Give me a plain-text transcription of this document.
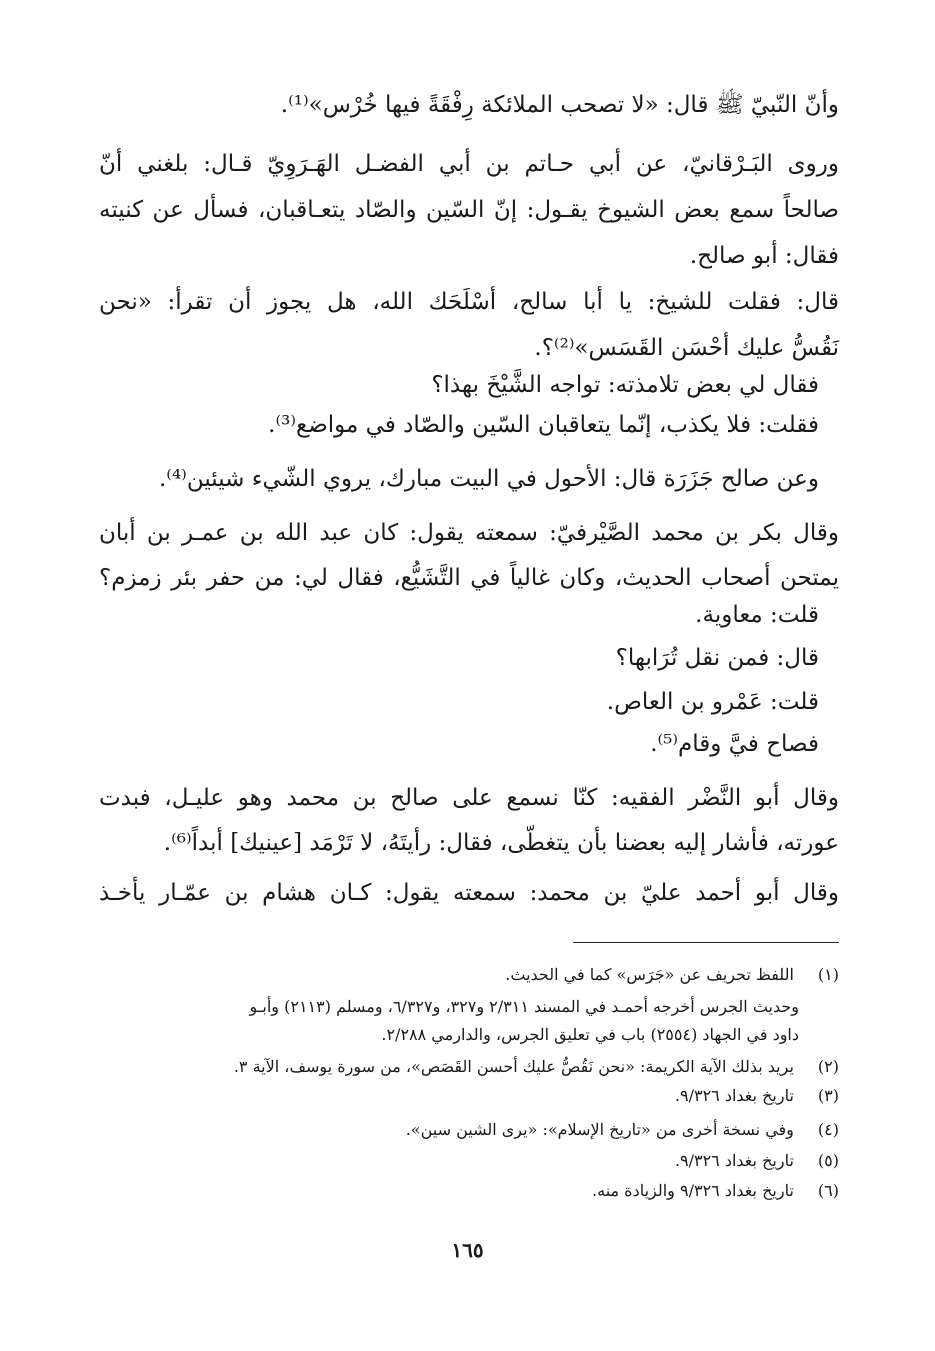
وأنّ النّبيّ ﷺ قال: «لا تصحب الملائكة رِفْقَةً فيها خُرْس»⁽¹⁾.
وروى البَـرْقانيّ، عن أبي حـاتم بن أبي الفضـل الهَـرَوِيّ قـال: بلغني أنّ
صالحاً سمع بعض الشيوخ يقـول: إنّ السّين والصّاد يتعـاقبان، فسأل عن كنيته
فقال: أبو صالح.
قال: فقلت للشيخ: يا أبا سالح، أسْلَحَك الله، هل يجوز أن تقرأ: «نحن
نَقُسُّ عليك أحْسَن القَسَس»⁽²⁾؟.
فقال لي بعض تلامذته: تواجه الشَّيْخَ بهذا؟
فقلت: فلا يكذب، إنّما يتعاقبان السّين والصّاد في مواضع⁽³⁾.
وعن صالح جَزَرَة قال: الأحول في البيت مبارك، يروي الشّيء شيئين⁽⁴⁾.
وقال بكر بن محمد الصَّيْرفيّ: سمعته يقول: كان عبد الله بن عمـر بن أبان
يمتحن أصحاب الحديث، وكان غالياً في التَّشَيُّع، فقال لي: من حفر بئر زمزم؟
قلت: معاوية.
قال: فمن نقل تُرَابها؟
قلت: عَمْرو بن العاص.
فصاح فيَّ وقام⁽⁵⁾.
وقال أبو النَّضْر الفقيه: كنّا نسمع على صالح بن محمد وهو عليـل، فبدت
عورته، فأشار إليه بعضنا بأن يتغطّى، فقال: رأيتَهُ، لا تَرْمَد [عينيك] أبداً⁽⁶⁾.
وقال أبو أحمد عليّ بن محمد: سمعته يقول: كـان هشام بن عمّـار يأخـذ
(١) اللفظ تحريف عن «جَرَس» كما في الحديث.
وحديث الجرس أخرجه أحمـد في المسند ٢/٣١١ و٣٢٧، و٦/٣٢٧، ومسلم (٢١١٣) وأبـو
داود في الجهاد (٢٥٥٤) باب في تعليق الجرس، والدارمي ٢/٢٨٨.
(٢) يريد بذلك الآية الكريمة: «نحن نَقُصُّ عليك أحسن القَصَص»، من سورة يوسف، الآية ٣.
(٣) تاريخ بغداد ٩/٣٢٦.
(٤) وفي نسخة أخرى من «تاريخ الإسلام»: «يرى الشين سين».
(٥) تاريخ بغداد ٩/٣٢٦.
(٦) تاريخ بغداد ٩/٣٢٦ والزيادة منه.
١٦٥
